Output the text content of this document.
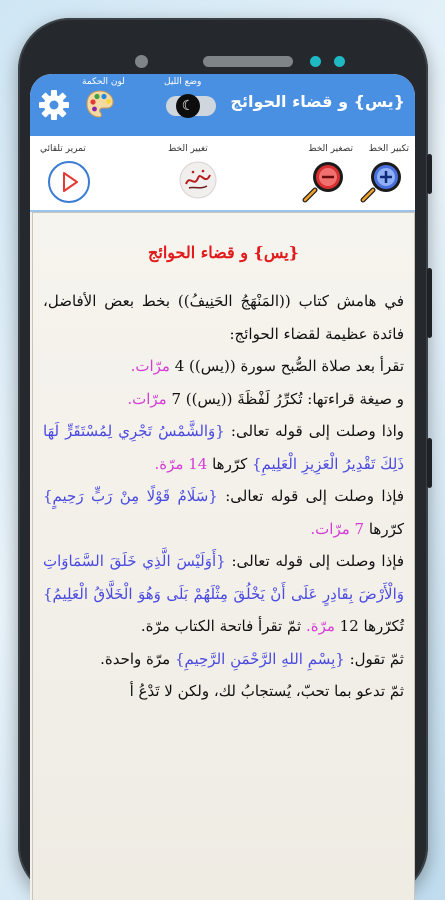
لون الحكمة	وضع الليل
☾	{يس} و قضاء الحوائج
تكبير الخط
تصغير الخط
تغيير الخط
تمرير تلقائي
{يس} و قضاء الحوائج

في هامش كتاب ((المَنْهَجُ الحَنِيفُ)) بخط بعض الأفاضل، فائدة عظيمة لقضاء الحوائج:

تقرأ بعد صلاة الصُّبح سورة ((يس)) 4 مرّات.

و صيغة قراءتها: تُكرِّرُ لَفْظَةَ ((يس)) 7 مرّات.

واذا وصلت إلى قوله تعالى: {وَالشَّمْسُ تَجْرِي لِمُسْتَقَرٍّ لَهَا ذَلِكَ تَقْدِيرُ الْعَزِيزِ الْعَلِيمِ} كرّرها 14 مرّة.

فإذا وصلت إلى قوله تعالى: {سَلَامٌ قَوْلًا مِنْ رَبٍّ رَحِيمٍ} كرّرها 7 مرّات.

فإذا وصلت إلى قوله تعالى: {أَوَلَيْسَ الَّذِي خَلَقَ السَّمَاوَاتِ وَالْأَرْضَ بِقَادِرٍ عَلَى أَنْ يَخْلُقَ مِثْلَهُمْ بَلَى وَهُوَ الْخَلَّاقُ الْعَلِيمُ} تُكرّرها 12 مرّة. ثمّ تقرأ فاتحة الكتاب مرّة.

ثمّ تقول: {بِسْمِ اللهِ الرَّحْمَنِ الرَّحِيمِ} مرّة واحدة.

ثمّ تدعو بما تحبّ، يُستجابُ لك، ولكن لا تَدْعُ أ
